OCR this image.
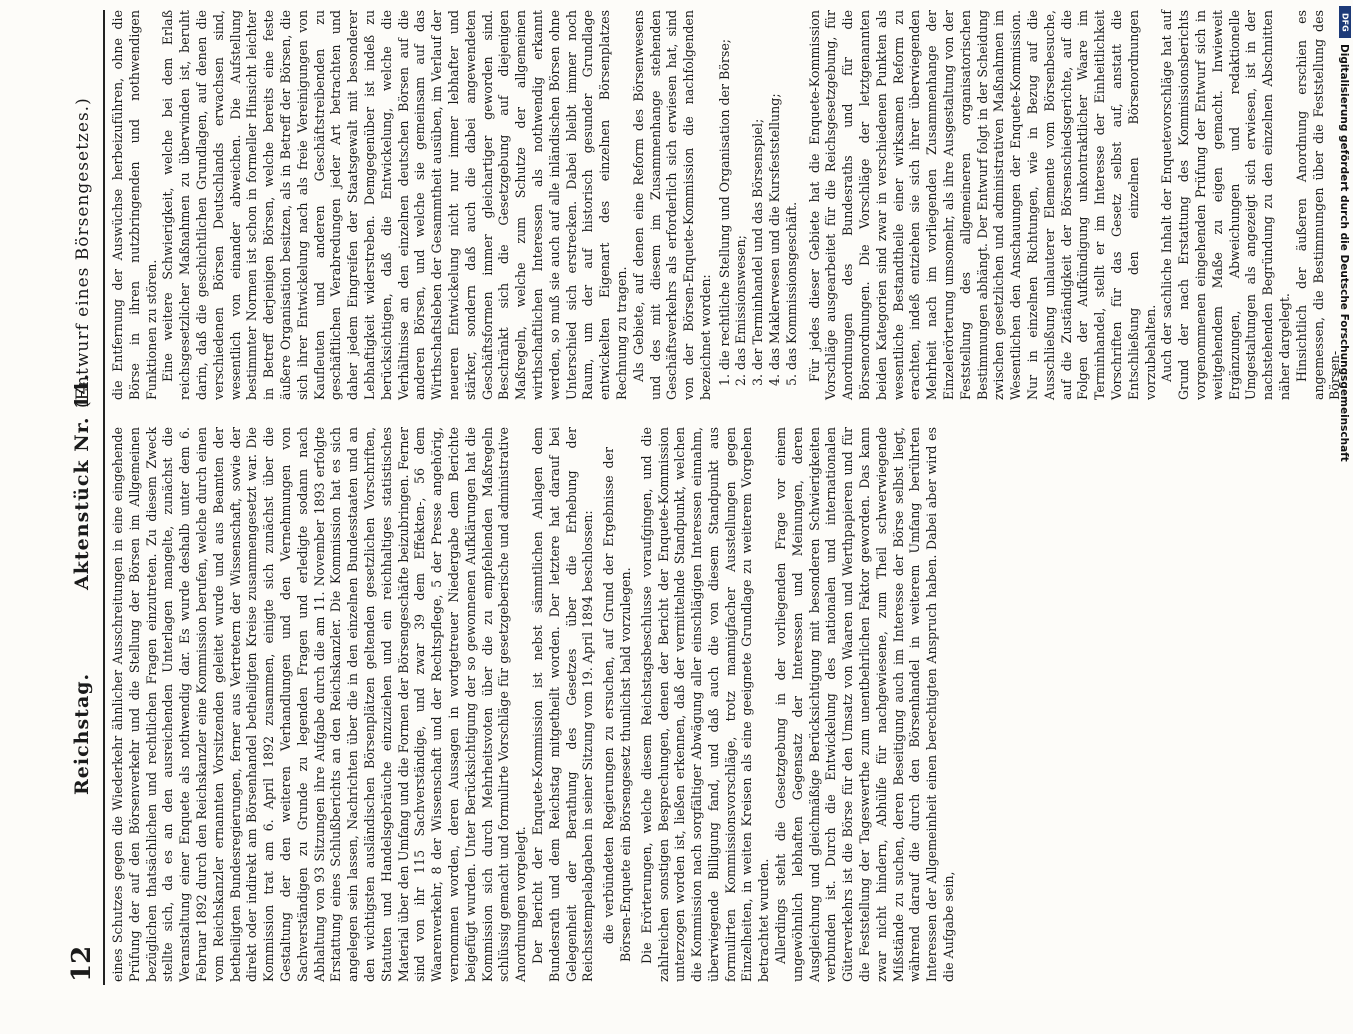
12
Reichstag.
Aktenstück Nr. 14.
(Entwurf eines Börsengesetzes.)

eines Schutzes gegen die Wiederkehr ähnlicher Ausschreitungen in eine eingehende Prüfung der auf den Börsenverkehr und die Stellung der Börsen im Allgemeinen bezüglichen thatsächlichen und rechtlichen Fragen einzutreten. Zu diesem Zweck stellte sich, da es an den ausreichenden Unterlagen mangelte, zunächst die Veranstaltung einer Enquete als nothwendig dar. Es wurde deshalb unter dem 6. Februar 1892 durch den Reichskanzler eine Kommission berufen, welche durch einen vom Reichskanzler ernannten Vorsitzenden geleitet wurde und aus Beamten der betheiligten Bundesregierungen, ferner aus Vertretern der Wissenschaft, sowie der direkt oder indirekt am Börsenhandel betheiligten Kreise zusammengesetzt war. Die Kommission trat am 6. April 1892 zusammen, einigte sich zunächst über die Gestaltung der den weiteren Verhandlungen und den Vernehmungen von Sachverständigen zu Grunde zu legenden Fragen und erledigte sodann nach Abhaltung von 93 Sitzungen ihre Aufgabe durch die am 11. November 1893 erfolgte Erstattung eines Schlußberichts an den Reichskanzler. Die Kommission hat es sich angelegen sein lassen, Nachrichten über die in den einzelnen Bundesstaaten und an den wichtigsten ausländischen Börsenplätzen geltenden gesetzlichen Vorschriften, Statuten und Handelsgebräuche einzuziehen und ein reichhaltiges statistisches Material über den Umfang und die Formen der Börsengeschäfte beizubringen. Ferner sind von ihr 115 Sachverständige, und zwar 39 dem Effekten-, 56 dem Waarenverkehr, 8 der Wissenschaft und der Rechtspflege, 5 der Presse angehörig, vernommen worden, deren Aussagen in wortgetreuer Niedergabe dem Berichte beigefügt wurden. Unter Berücksichtigung der so gewonnenen Aufklärungen hat die Kommission sich durch Mehrheitsvoten über die zu empfehlenden Maßregeln schlüssig gemacht und formulirte Vorschläge für gesetzgeberische und administrative Anordnungen vorgelegt. Der Bericht der Enquete-Kommission ist nebst sämmtlichen Anlagen dem Bundesrath und dem Reichstag mitgetheilt worden. Der letztere hat darauf bei Gelegenheit der Berathung des Gesetzes über die Erhebung der Reichsstempelabgaben in seiner Sitzung vom 19. April 1894 beschlossen: die verbündeten Regierungen zu ersuchen, auf Grund der Ergebnisse der Börsen-Enquete ein Börsengesetz thunlichst bald vorzulegen. Die Erörterungen, welche diesem Reichstagsbeschlusse voraufgingen, und die zahlreichen sonstigen Besprechungen, denen der Bericht der Enquete-Kommission unterzogen worden ist, ließen erkennen, daß der vermittelnde Standpunkt, welchen die Kommission nach sorgfältiger Abwägung aller einschlägigen Interessen einnahm, überwiegende Billigung fand, und daß auch die von diesem Standpunkt aus formulirten Kommissionsvorschläge, trotz mannigfacher Ausstellungen gegen Einzelheiten, in weiten Kreisen als eine geeignete Grundlage zu weiterem Vorgehen betrachtet wurden. Allerdings steht die Gesetzgebung in der vorliegenden Frage vor einem ungewöhnlich lebhaften Gegensatz der Interessen und Meinungen, deren Ausgleichung und gleichmäßige Berücksichtigung mit besonderen Schwierigkeiten verbunden ist. Durch die Entwickelung des nationalen und internationalen Güterverkehrs ist die Börse für den Umsatz von Waaren und Werthpapieren und für die Feststellung der Tageswerthe zum unentbehrlichen Faktor geworden. Das kann zwar nicht hindern, Abhülfe für nachgewiesene, zum Theil schwerwiegende Mißstände zu suchen, deren Beseitigung auch im Interesse der Börse selbst liegt, während darauf die durch den Börsenhandel in weiterem Umfang berührten Interessen der Allgemeinheit einen berechtigten Anspruch haben. Dabei aber wird es die Aufgabe sein,

die Entfernung der Auswüchse herbeizuführen, ohne die Börse in ihren nutzbringenden und nothwendigen Funktionen zu stören. Eine weitere Schwierigkeit, welche bei dem Erlaß reichsgesetzlicher Maßnahmen zu überwinden ist, beruht darin, daß die geschichtlichen Grundlagen, auf denen die verschiedenen Börsen Deutschlands erwachsen sind, wesentlich von einander abweichen. Die Aufstellung bestimmter Normen ist schon in formeller Hinsicht leichter in Betreff derjenigen Börsen, welche bereits eine feste äußere Organisation besitzen, als in Betreff der Börsen, die sich ihrer Entwickelung nach als freie Vereinigungen von Kaufleuten und anderen Geschäftstreibenden zu geschäftlichen Verabredungen jeder Art betrachten und daher jedem Eingreifen der Staatsgewalt mit besonderer Lebhaftigkeit widerstreben. Demgegenüber ist indeß zu berücksichtigen, daß die Entwickelung, welche die Verhältnisse an den einzelnen deutschen Börsen auf die anderen Börsen, und welche sie gemeinsam auf das Wirthschaftsleben der Gesammtheit ausüben, im Verlauf der neueren Entwickelung nicht nur immer lebhafter und stärker, sondern daß auch die dabei angewendeten Geschäftsformen immer gleichartiger geworden sind. Beschränkt sich die Gesetzgebung auf diejenigen Maßregeln, welche zum Schutze der allgemeinen wirthschaftlichen Interessen als nothwendig erkannt werden, so muß sie auch auf alle inländischen Börsen ohne Unterschied sich erstrecken. Dabei bleibt immer noch Raum, um der auf historisch gesunder Grundlage entwickelten Eigenart des einzelnen Börsenplatzes Rechnung zu tragen. Als Gebiete, auf denen eine Reform des Börsenwesens und des mit diesem im Zusammenhange stehenden Geschäftsverkehrs als erforderlich sich erwiesen hat, sind von der Börsen-Enquete-Kommission die nachfolgenden bezeichnet worden: 1. die rechtliche Stellung und Organisation der Börse; 2. das Emissionswesen; 3. der Terminhandel und das Börsenspiel; 4. das Maklerwesen und die Kursfeststellung; 5. das Kommissionsgeschäft. Für jedes dieser Gebiete hat die Enquete-Kommission Vorschläge ausgearbeitet für die Reichsgesetzgebung, für Anordnungen des Bundesraths und für die Börsenordnungen. Die Vorschläge der letztgenannten beiden Kategorien sind zwar in verschiedenen Punkten als wesentliche Bestandtheile einer wirksamen Reform zu erachten, indeß entziehen sie sich ihrer überwiegenden Mehrheit nach im vorliegenden Zusammenhange der Einzelerörterung umsomehr, als ihre Ausgestaltung von der Feststellung des allgemeineren organisatorischen Bestimmungen abhängt. Der Entwurf folgt in der Scheidung zwischen gesetzlichen und administrativen Maßnahmen im Wesentlichen den Anschauungen der Enquete-Kommission. Nur in einzelnen Richtungen, wie in Bezug auf die Ausschließung unlauterer Elemente vom Börsenbesuche, auf die Zuständigkeit der Börsenschiedsgerichte, auf die Folgen der Aufkündigung unkontraktlicher Waare im Terminhandel, stellt er im Interesse der Einheitlichkeit Vorschriften für das Gesetz selbst auf, anstatt die Entschließung den einzelnen Börsenordnungen vorzubehalten. Auch der sachliche Inhalt der Enquetevorschläge hat auf Grund der nach Erstattung des Kommissionsberichts vorgenommenen eingehenden Prüfung der Entwurf sich in weitgehendem Maße zu eigen gemacht. Inwieweit Ergänzungen, Abweichungen und redaktionelle Umgestaltungen als angezeigt sich erwiesen, ist in der nachstehenden Begründung zu den einzelnen Abschnitten näher dargelegt. Hinsichtlich der äußeren Anordnung erschien es angemessen, die Bestimmungen über die Feststellung des Börsen-

DFG
Digitalisierung gefördert durch die Deutsche Forschungsgemeinschaft
